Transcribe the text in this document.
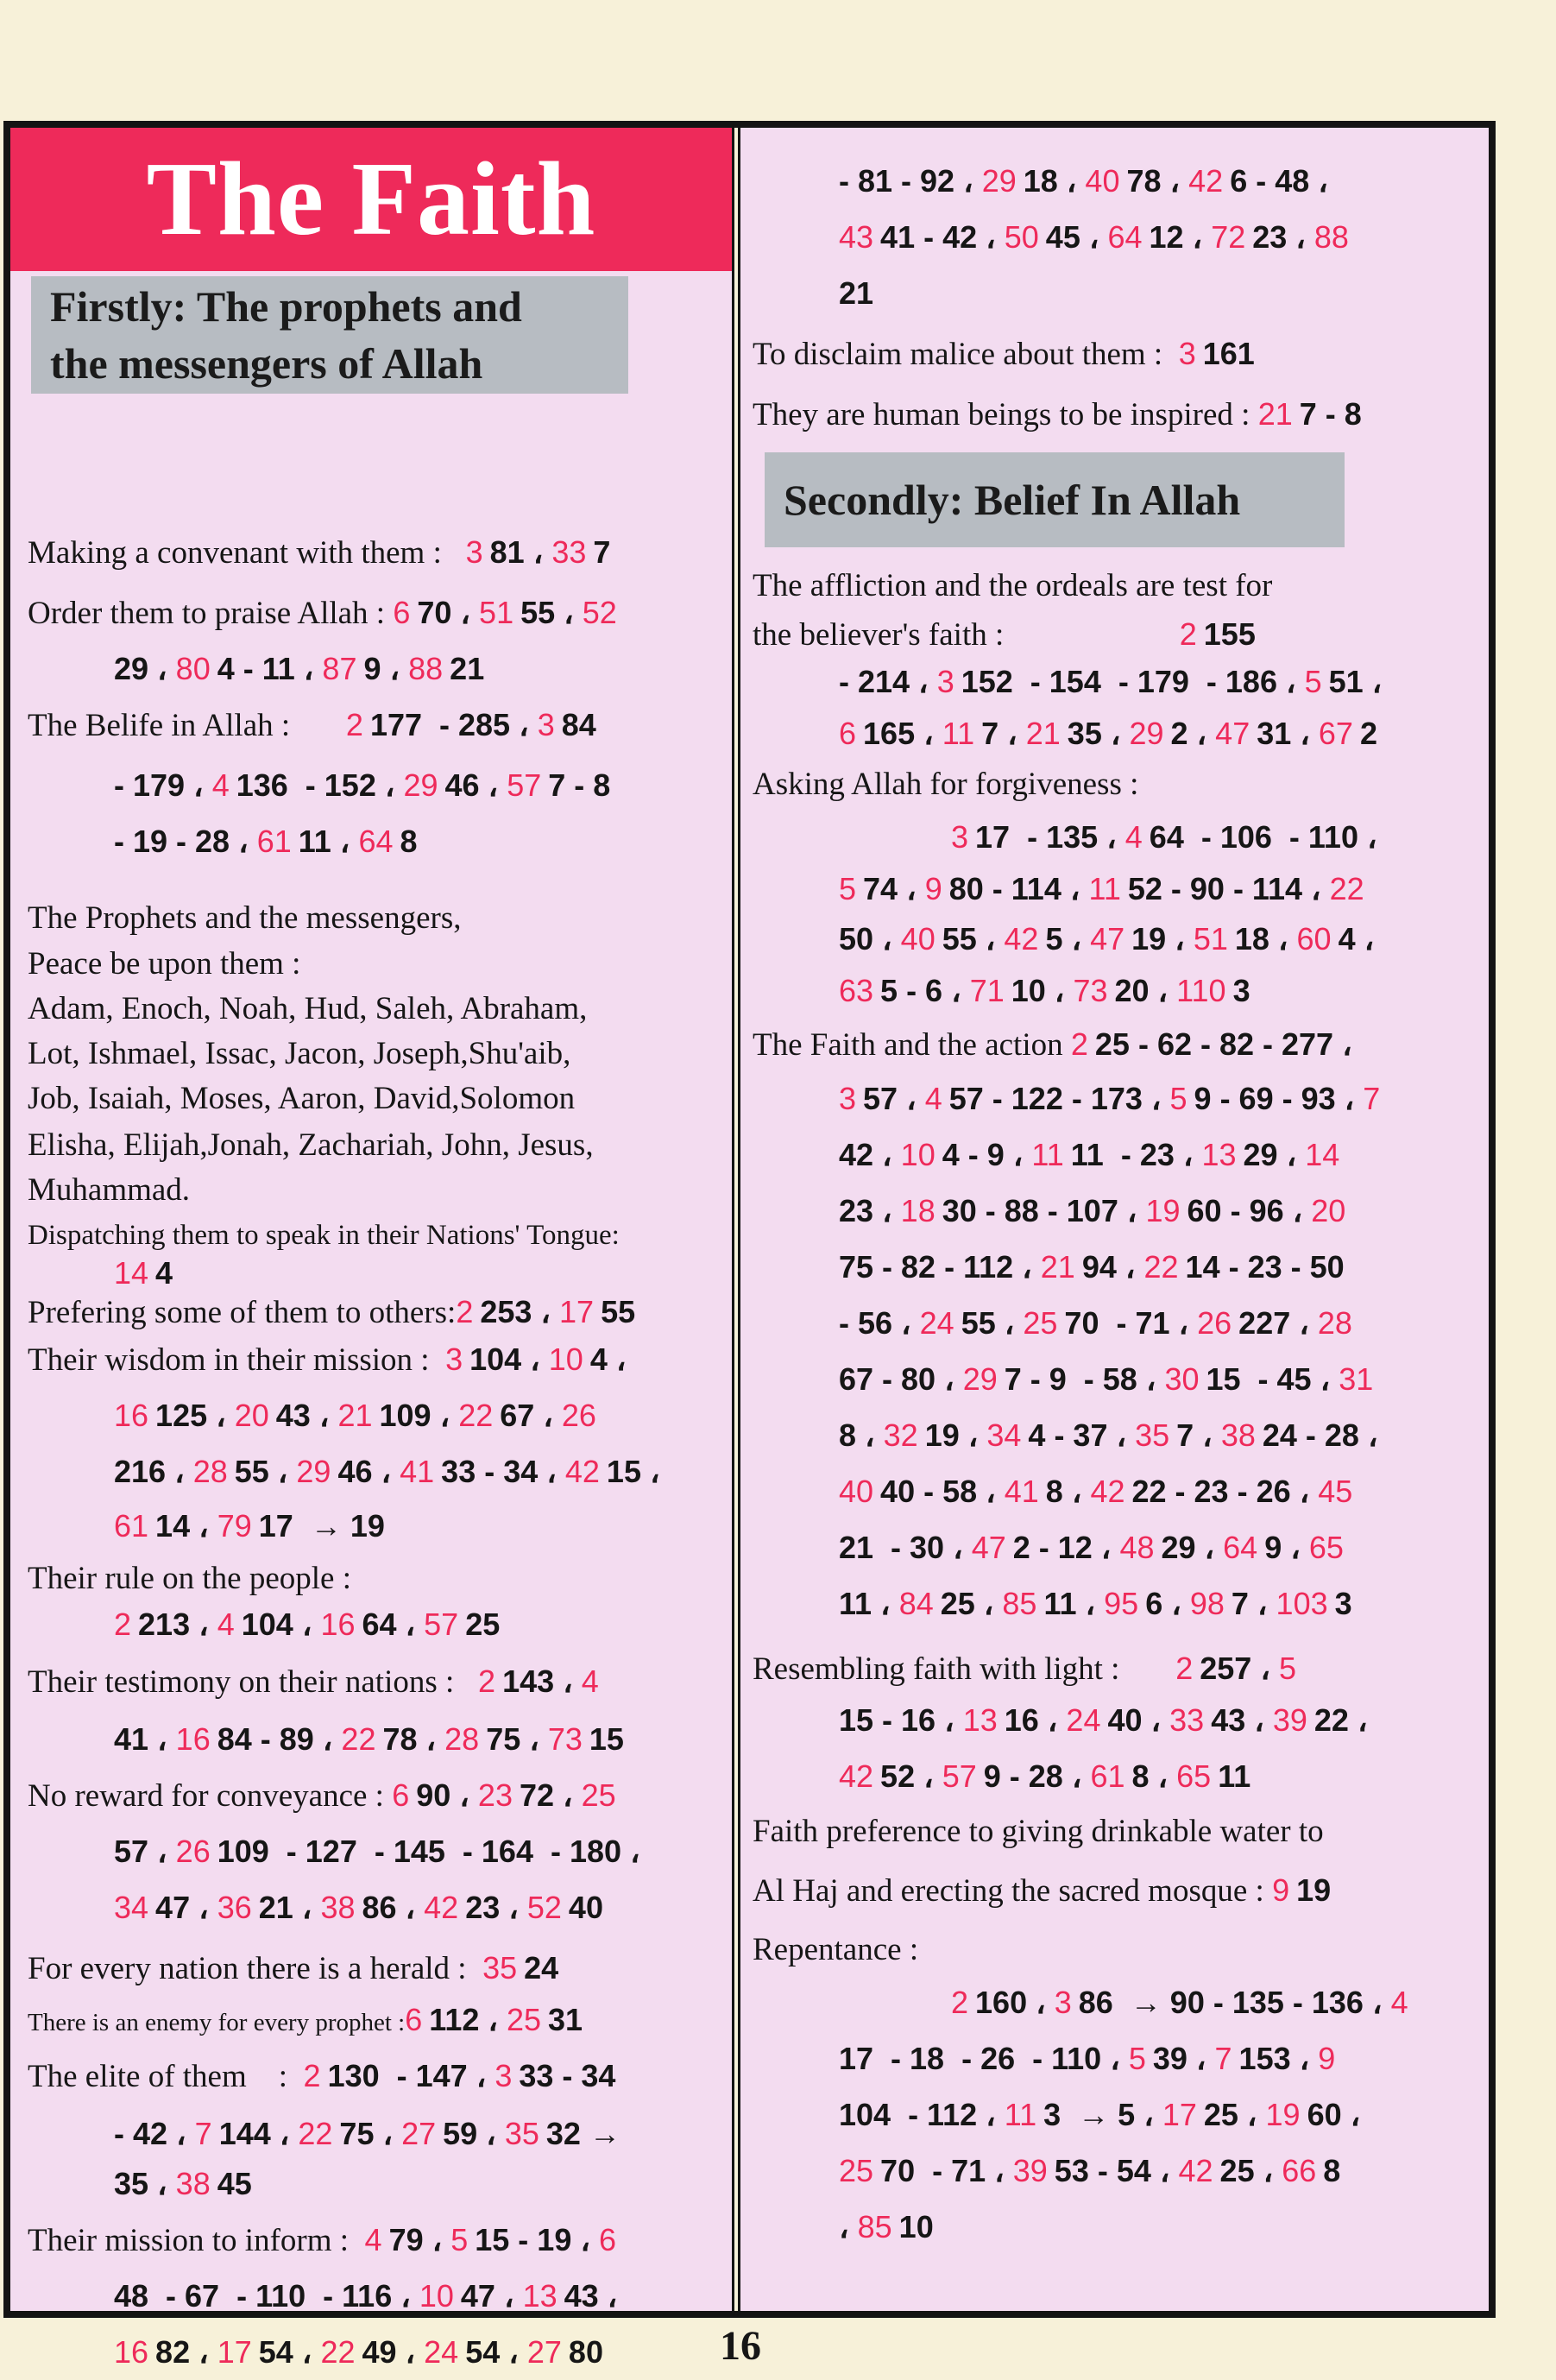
The Faith
Firstly: The prophets and
the messengers of Allah
Making a convenant with them :   3 81 ، 33 7
Order them to praise Allah : 6 70 ، 51 55 ، 52
29 ، 80 4 - 11 ، 87 9 ، 88 21
The Belife in Allah :       2 177  - 285 ، 3 84
- 179 ، 4 136  - 152 ، 29 46 ، 57 7 - 8
- 19 - 28 ، 61 11 ، 64 8
The Prophets and the messengers,
Peace be upon them :
Adam, Enoch, Noah, Hud, Saleh, Abraham,
Lot, Ishmael, Issac, Jacon, Joseph,Shu'aib,
Job, Isaiah, Moses, Aaron, David,Solomon
Elisha, Elijah,Jonah, Zachariah, John, Jesus,
Muhammad.
Dispatching them to speak in their Nations' Tongue:
14 4
Prefering some of them to others:2 253 ، 17 55
Their wisdom in their mission :  3 104 ، 10 4 ،
16 125 ، 20 43 ، 21 109 ، 22 67 ، 26
216 ، 28 55 ، 29 46 ، 41 33 - 34 ، 42 15 ،
61 14 ، 79 17  → 19
Their rule on the people :
2 213 ، 4 104 ، 16 64 ، 57 25
Their testimony on their nations :   2 143 ، 4
41 ، 16 84 - 89 ، 22 78 ، 28 75 ، 73 15
No reward for conveyance : 6 90 ، 23 72 ، 25
57 ، 26 109  - 127  - 145  - 164  - 180 ،
34 47 ، 36 21 ، 38 86 ، 42 23 ، 52 40
For every nation there is a herald :  35 24
There is an enemy for every prophet :6 112 ، 25 31
The elite of them    :  2 130  - 147 ، 3 33 - 34
- 42 ، 7 144 ، 22 75 ، 27 59 ، 35 32 →
35 ، 38 45
Their mission to inform :  4 79 ، 5 15 - 19 ، 6
48  - 67  - 110  - 116 ، 10 47 ، 13 43 ،
16 82 ، 17 54 ، 22 49 ، 24 54 ، 27 80
- 81 - 92 ، 29 18 ، 40 78 ، 42 6 - 48 ،
43 41 - 42 ، 50 45 ، 64 12 ، 72 23 ، 88
21
To disclaim malice about them :  3 161
They are human beings to be inspired : 21 7 - 8
Secondly: Belief In Allah
The affliction and the ordeals are test for
the believer's faith :                      2 155
- 214 ، 3 152  - 154  - 179  - 186 ، 5 51 ،
6 165 ، 11 7 ، 21 35 ، 29 2 ، 47 31 ، 67 2
Asking Allah for forgiveness :
3 17  - 135 ، 4 64  - 106  - 110 ،
5 74 ، 9 80 - 114 ، 11 52 - 90 - 114 ، 22
50 ، 40 55 ، 42 5 ، 47 19 ، 51 18 ، 60 4 ،
63 5 - 6 ، 71 10 ، 73 20 ، 110 3
The Faith and the action 2 25 - 62 - 82 - 277 ،
3 57 ، 4 57 - 122 - 173 ، 5 9 - 69 - 93 ، 7
42 ، 10 4 - 9 ، 11 11  - 23 ، 13 29 ، 14
23 ، 18 30 - 88 - 107 ، 19 60 - 96 ، 20
75 - 82 - 112 ، 21 94 ، 22 14 - 23 - 50
- 56 ، 24 55 ، 25 70  - 71 ، 26 227 ، 28
67 - 80 ، 29 7 - 9  - 58 ، 30 15  - 45 ، 31
8 ، 32 19 ، 34 4 - 37 ، 35 7 ، 38 24 - 28 ،
40 40 - 58 ، 41 8 ، 42 22 - 23 - 26 ، 45
21  - 30 ، 47 2 - 12 ، 48 29 ، 64 9 ، 65
11 ، 84 25 ، 85 11 ، 95 6 ، 98 7 ، 103 3
Resembling faith with light :       2 257 ، 5
15 - 16 ، 13 16 ، 24 40 ، 33 43 ، 39 22 ،
42 52 ، 57 9 - 28 ، 61 8 ، 65 11
Faith preference to giving drinkable water to
Al Haj and erecting the sacred mosque : 9 19
Repentance :
2 160 ، 3 86  → 90 - 135 - 136 ، 4
17  - 18  - 26  - 110 ، 5 39 ، 7 153 ، 9
104  - 112 ، 11 3  → 5 ، 17 25 ، 19 60 ،
25 70  - 71 ، 39 53 - 54 ، 42 25 ، 66 8
، 85 10
16
